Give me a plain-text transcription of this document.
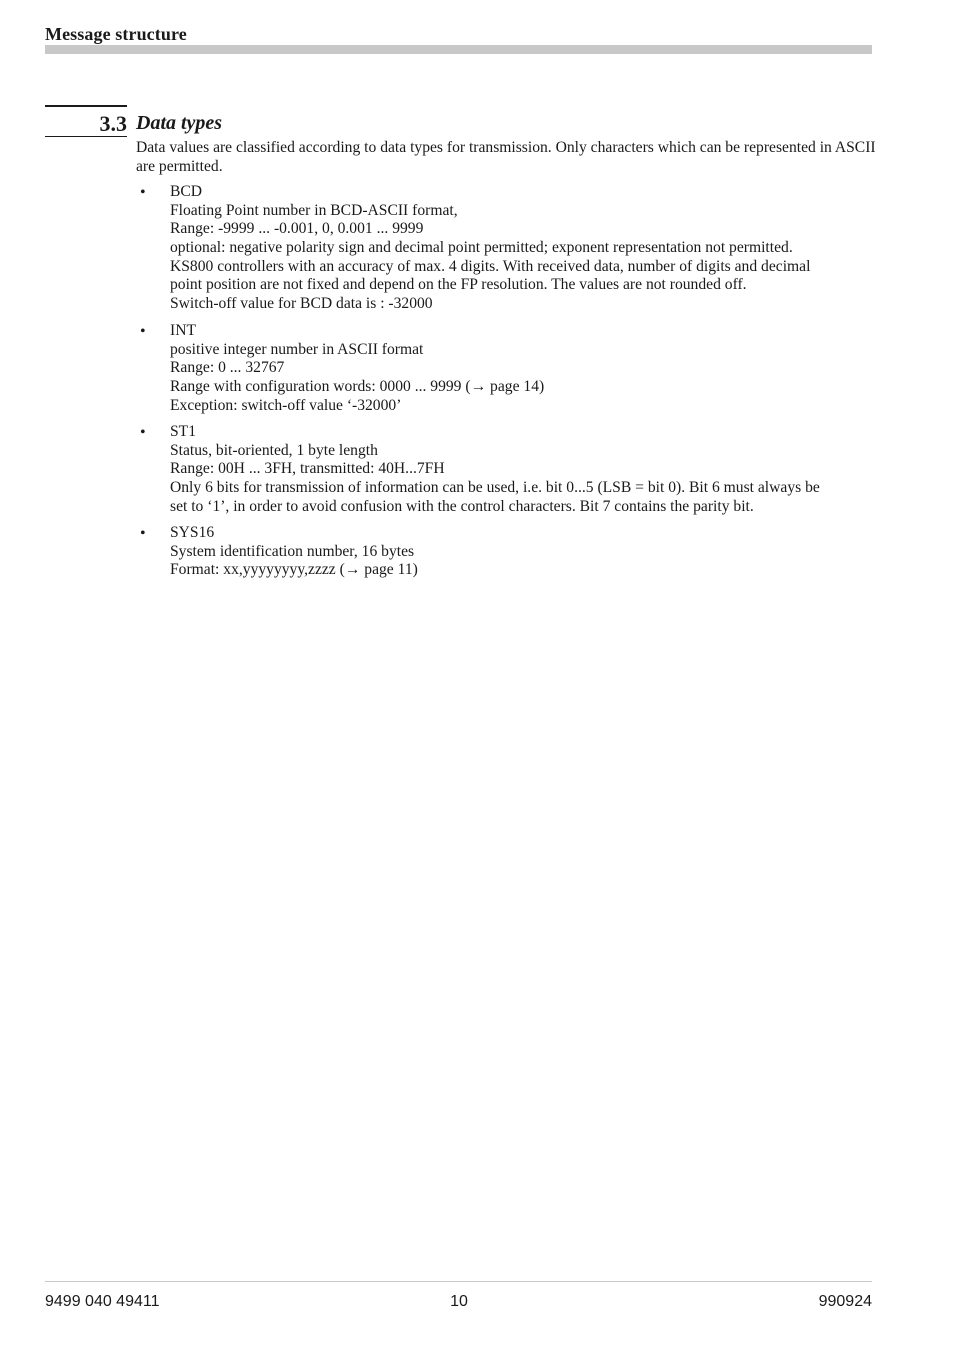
Message structure
3.3 Data types
Data values are classified according to data types for transmission. Only characters which can be represented in ASCII are permitted.
• BCD
Floating Point number in BCD-ASCII format,
Range: -9999 ... -0.001, 0, 0.001 ... 9999
optional: negative polarity sign and decimal point permitted; exponent representation not permitted.
KS800 controllers with an accuracy of max. 4 digits. With received data, number of digits and decimal
point position are not fixed and depend on the FP resolution. The values are not rounded off.
Switch-off value for BCD data is : -32000
• INT
positive integer number in ASCII format
Range: 0 ... 32767
Range with configuration words: 0000 ... 9999 (→ page 14)
Exception: switch-off value ‘-32000’
• ST1
Status, bit-oriented, 1 byte length
Range: 00H ... 3FH, transmitted: 40H...7FH
Only 6 bits for transmission of information can be used, i.e. bit 0...5 (LSB = bit 0). Bit 6 must always be
set to ‘1’, in order to avoid confusion with the control characters. Bit 7 contains the parity bit.
• SYS16
System identification number, 16 bytes
Format: xx,yyyyyyyy,zzzz (→ page 11)
9499 040 49411	10	990924
